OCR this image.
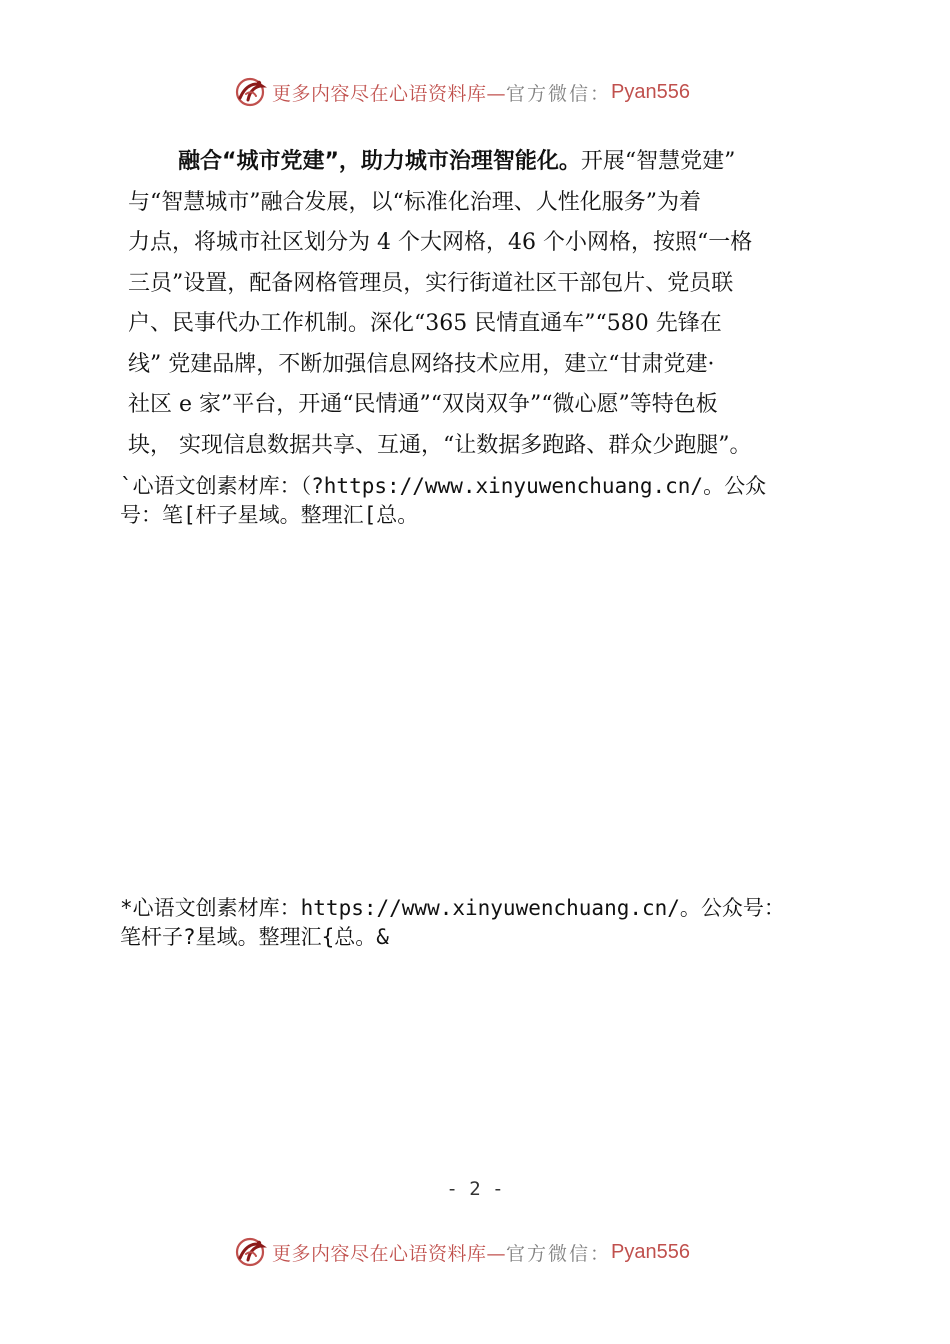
更多内容尽在心语资料库— 官方微信： Pyan556
融合“城市党建”，助力城市治理智能化。开展“智慧党建”
与“智慧城市”融合发展，以“标准化治理、人性化服务”为着
力点，将城市社区划分为 4 个大网格，46 个小网格，按照“一格
三员”设置，配备网格管理员，实行街道社区干部包片、党员联
户、民事代办工作机制。深化“365 民情直通车”“580 先锋在
线” 党建品牌，不断加强信息网络技术应用，建立“甘肃党建·
社区 e 家”平台，开通“民情通”“双岗双争”“微心愿”等特色板
块， 实现信息数据共享、互通，“让数据多跑路、群众少跑腿”。
`心语文创素材库：（?https://www.xinyuwenchuang.cn/。公众
号：笔[杆子星域。整理汇[总。
*心语文创素材库：https://www.xinyuwenchuang.cn/。公众号：
笔杆子?星域。整理汇{总。&
- 2 -
更多内容尽在心语资料库— 官方微信： Pyan556
